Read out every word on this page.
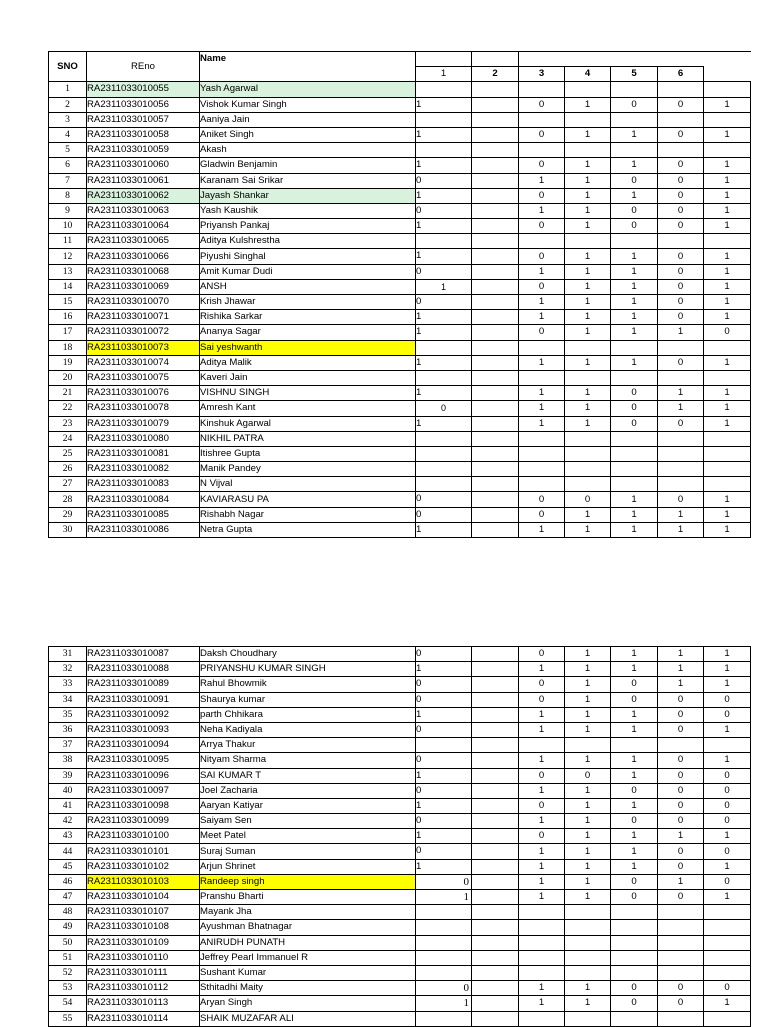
SNO	REno	Name							
			1	2	3	4	5	6	
1	RA2311033010055	Yash Agarwal							
2	RA2311033010056	Vishok Kumar Singh	1		0	1	0	0	1
3	RA2311033010057	Aaniya Jain							
4	RA2311033010058	Aniket Singh	1		0	1	1	0	1
5	RA2311033010059	Akash							
6	RA2311033010060	Gladwin Benjamin	1		0	1	1	0	1
7	RA2311033010061	Karanam Sai Srikar	0		1	1	0	0	1
8	RA2311033010062	Jayash Shankar	1		0	1	1	0	1
9	RA2311033010063	Yash Kaushik	0		1	1	0	0	1
10	RA2311033010064	Priyansh Pankaj	1		0	1	0	0	1
11	RA2311033010065	Aditya Kulshrestha							
12	RA2311033010066	Piyushi Singhal	1		0	1	1	0	1
13	RA2311033010068	Amit Kumar Dudi	0		1	1	1	0	1
14	RA2311033010069	ANSH	1		0	1	1	0	1
15	RA2311033010070	Krish Jhawar	0		1	1	1	0	1
16	RA2311033010071	Rishika Sarkar	1		1	1	1	0	1
17	RA2311033010072	Ananya Sagar	1		0	1	1	1	0
18	RA2311033010073	Sai yeshwanth							
19	RA2311033010074	Aditya Malik	1		1	1	1	0	1
20	RA2311033010075	Kaveri Jain							
21	RA2311033010076	VISHNU SINGH	1		1	1	0	1	1
22	RA2311033010078	Amresh Kant	0		1	1	0	1	1
23	RA2311033010079	Kinshuk Agarwal	1		1	1	0	0	1
24	RA2311033010080	NIKHIL PATRA							
25	RA2311033010081	Itishree Gupta							
26	RA2311033010082	Manik Pandey							
27	RA2311033010083	N Vijval							
28	RA2311033010084	KAVIARASU PA	0		0	0	1	0	1
29	RA2311033010085	Rishabh Nagar	0		0	1	1	1	1
30	RA2311033010086	Netra Gupta	1		1	1	1	1	1
31	RA2311033010087	Daksh Choudhary	0		0	1	1	1	1
32	RA2311033010088	PRIYANSHU KUMAR SINGH	1		1	1	1	1	1
33	RA2311033010089	Rahul Bhowmik	0		0	1	0	1	1
34	RA2311033010091	Shaurya kumar	0		0	1	0	0	0
35	RA2311033010092	parth Chhikara	1		1	1	1	0	0
36	RA2311033010093	Neha Kadiyala	0		1	1	1	0	1
37	RA2311033010094	Arrya Thakur							
38	RA2311033010095	Nityam Sharma	0		1	1	1	0	1
39	RA2311033010096	SAI KUMAR T	1		0	0	1	0	0
40	RA2311033010097	Joel Zacharia	0		1	1	0	0	0
41	RA2311033010098	Aaryan Katiyar	1		0	1	1	0	0
42	RA2311033010099	Saiyam Sen	0		1	1	0	0	0
43	RA2311033010100	Meet Patel	1		0	1	1	1	1
44	RA2311033010101	Suraj Suman	0		1	1	1	0	0
45	RA2311033010102	Arjun Shrinet	1		1	1	1	0	1
46	RA2311033010103	Randeep singh	0		1	1	0	1	0
47	RA2311033010104	Pranshu Bharti	1		1	1	0	0	1
48	RA2311033010107	Mayank Jha							
49	RA2311033010108	Ayushman Bhatnagar							
50	RA2311033010109	ANIRUDH PUNATH							
51	RA2311033010110	Jeffrey Pearl Immanuel R							
52	RA2311033010111	Sushant Kumar							
53	RA2311033010112	Sthitadhi Maity	0		1	1	0	0	0
54	RA2311033010113	Aryan Singh	1		1	1	0	0	1
55	RA2311033010114	SHAIK MUZAFAR ALI							
